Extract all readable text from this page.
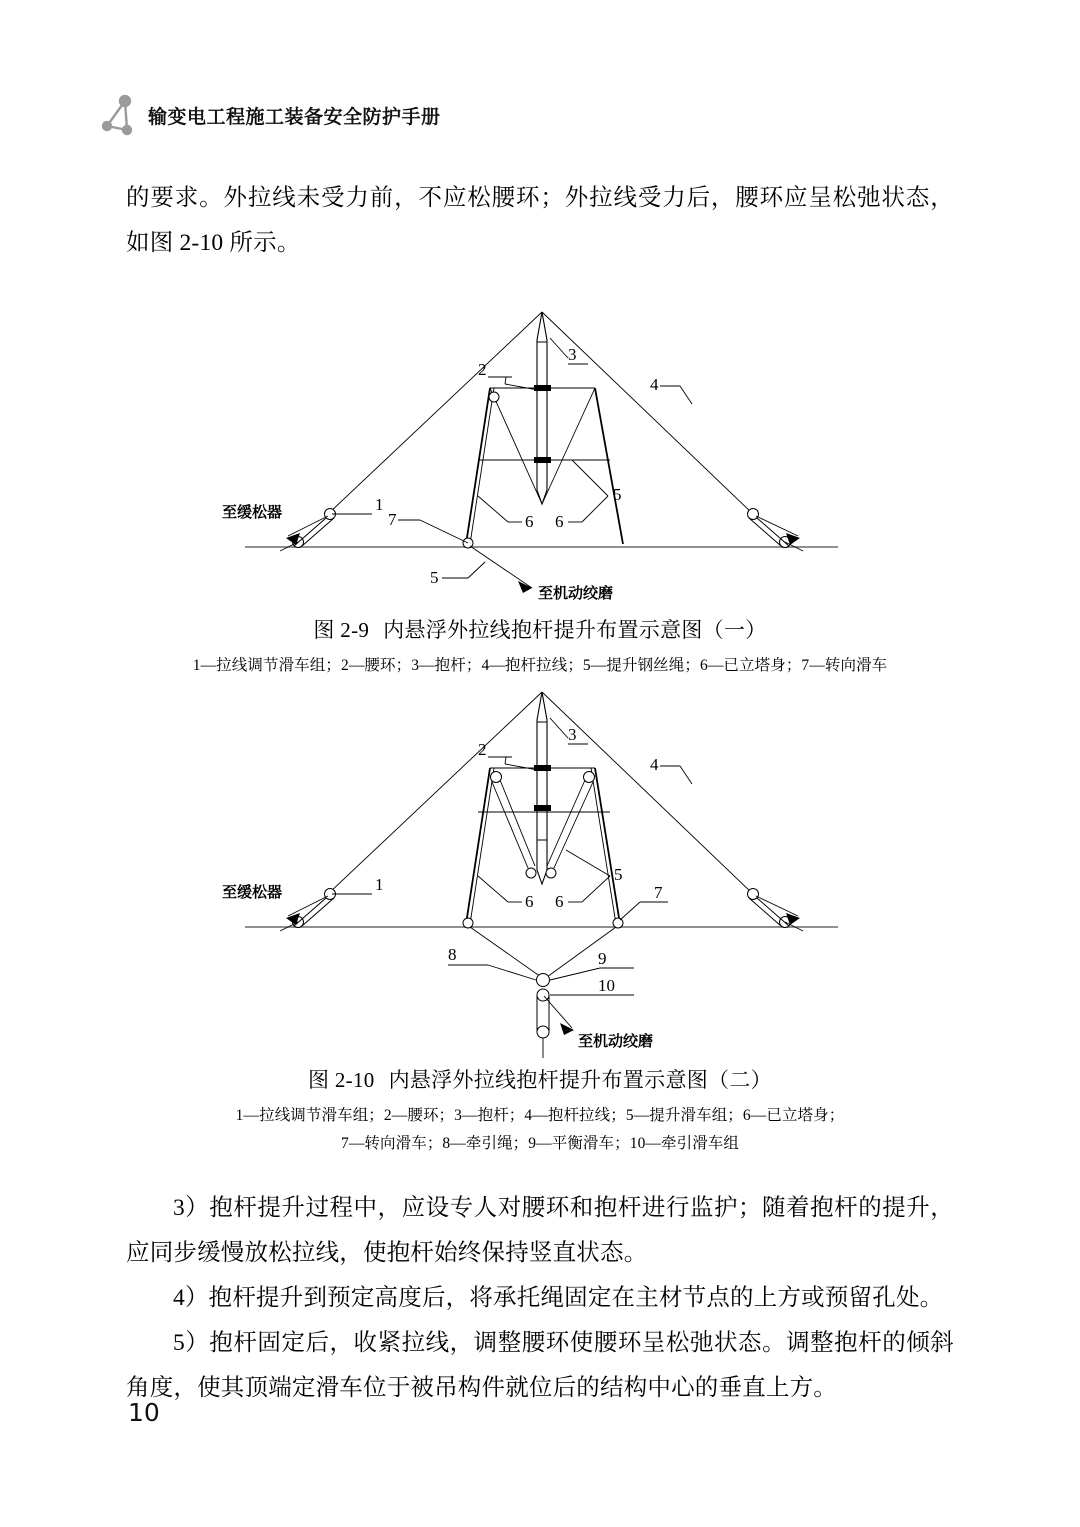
输变电工程施工装备安全防护手册

的要求。外拉线未受力前，不应松腰环；外拉线受力后，腰环应呈松弛状态，如图 2-10 所示。

3
2
4
5
6 6
7
5
1
至缓松器
至机动绞磨
图 2-9 内悬浮外拉线抱杆提升布置示意图（一）
1—拉线调节滑车组；2—腰环；3—抱杆；4—抱杆拉线；5—提升钢丝绳；6—已立塔身；7—转向滑车
3
2
4
5
6 6	7
8	9
10
1
至缓松器
至机动绞磨
图 2-10 内悬浮外拉线抱杆提升布置示意图（二）
1—拉线调节滑车组；2—腰环；3—抱杆；4—抱杆拉线；5—提升滑车组；6—已立塔身；
7—转向滑车；8—牵引绳；9—平衡滑车；10—牵引滑车组

3）抱杆提升过程中，应设专人对腰环和抱杆进行监护；随着抱杆的提升，应同步缓慢放松拉线，使抱杆始终保持竖直状态。

4）抱杆提升到预定高度后，将承托绳固定在主材节点的上方或预留孔处。

5）抱杆固定后，收紧拉线，调整腰环使腰环呈松弛状态。调整抱杆的倾斜角度，使其顶端定滑车位于被吊构件就位后的结构中心的垂直上方。

10
